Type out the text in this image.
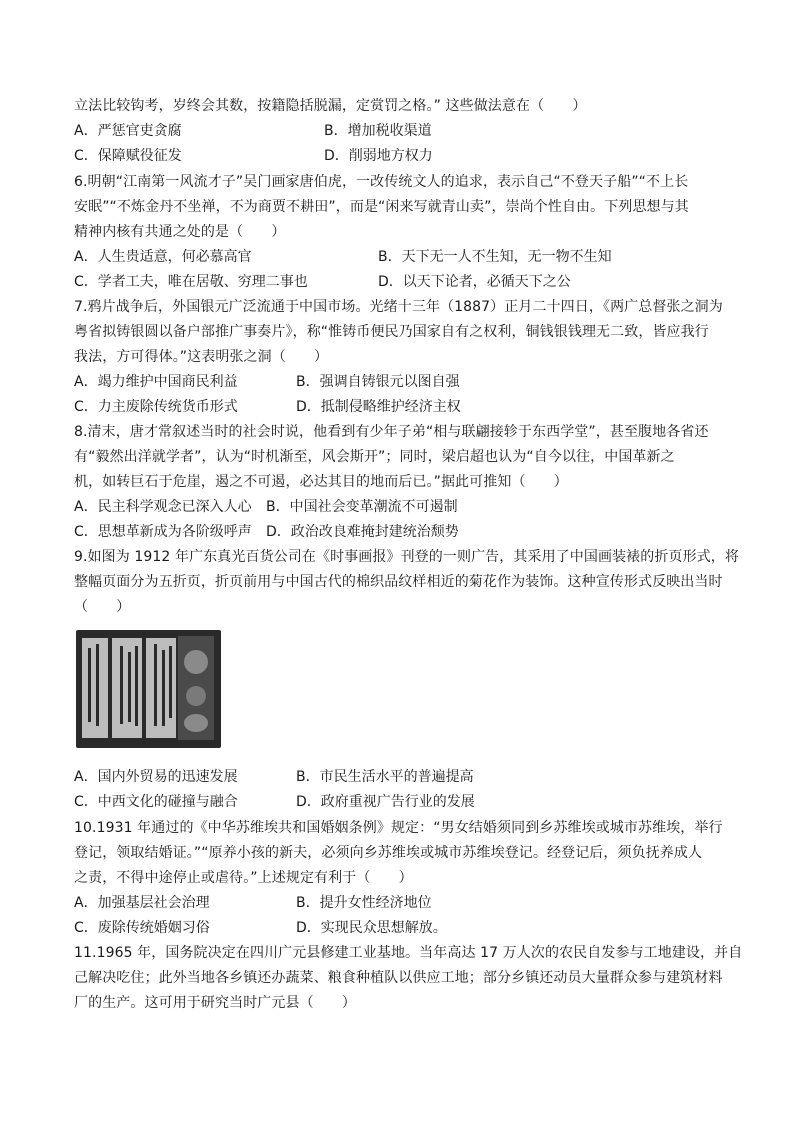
立法比较钩考，岁终会其数，按籍隐括脱漏，定赏罚之格。” 这些做法意在（　　）
A．严惩官吏贪腐	B．增加税收渠道
C．保障赋役征发	D．削弱地方权力
6.明朝“江南第一风流才子”吴门画家唐伯虎，一改传统文人的追求，表示自己“不登天子船”“不上长
安眠”“不炼金丹不坐禅，不为商贾不耕田”，而是“闲来写就青山卖”，崇尚个性自由。下列思想与其
精神内核有共通之处的是（　　）
A．人生贵适意，何必慕高官	B．天下无一人不生知，无一物不生知
C．学者工夫，唯在居敬、穷理二事也	D．以天下论者，必循天下之公
7.鸦片战争后，外国银元广泛流通于中国市场。光绪十三年（1887）正月二十四日，《两广总督张之洞为
粤省拟铸银圆以备户部推广事奏片》，称“惟铸币便民乃国家自有之权利，铜钱银钱理无二致，皆应我行
我法，方可得体。”这表明张之洞（　　）
A．竭力维护中国商民利益	B．强调自铸银元以图自强
C．力主废除传统货币形式	D．抵制侵略维护经济主权
8.清末，唐才常叙述当时的社会时说，他看到有少年子弟“相与联翩接轸于东西学堂”，甚至腹地各省还
有“毅然出洋就学者”，认为“时机渐至，风会斯开”；同时，梁启超也认为“自今以往，中国革新之
机，如转巨石于危崖，遏之不可遏，必达其目的地而后已。”据此可推知（　　）
A．民主科学观念已深入人心 B．中国社会变革潮流不可遏制
C．思想革新成为各阶级呼声 D．政治改良难掩封建统治颓势
9.如图为 1912 年广东真光百货公司在《时事画报》刊登的一则广告，其采用了中国画装裱的折页形式，将
整幅页面分为五折页，折页前用与中国古代的棉织品纹样相近的菊花作为装饰。这种宣传形式反映出当时
（　　）
A．国内外贸易的迅速发展	B．市民生活水平的普遍提高
C．中西文化的碰撞与融合	D．政府重视广告行业的发展
10.1931 年通过的《中华苏维埃共和国婚姻条例》规定：“男女结婚须同到乡苏维埃或城市苏维埃，举行
登记，领取结婚证。”“原养小孩的新夫，必须向乡苏维埃或城市苏维埃登记。经登记后，须负抚养成人
之责，不得中途停止或虐待。”上述规定有利于（　　）
A．加强基层社会治理	B．提升女性经济地位
C．废除传统婚姻习俗	D．实现民众思想解放。
11.1965 年，国务院决定在四川广元县修建工业基地。当年高达 17 万人次的农民自发参与工地建设，并自
己解决吃住；此外当地各乡镇还办蔬菜、粮食种植队以供应工地；部分乡镇还动员大量群众参与建筑材料
厂的生产。这可用于研究当时广元县（　　）
